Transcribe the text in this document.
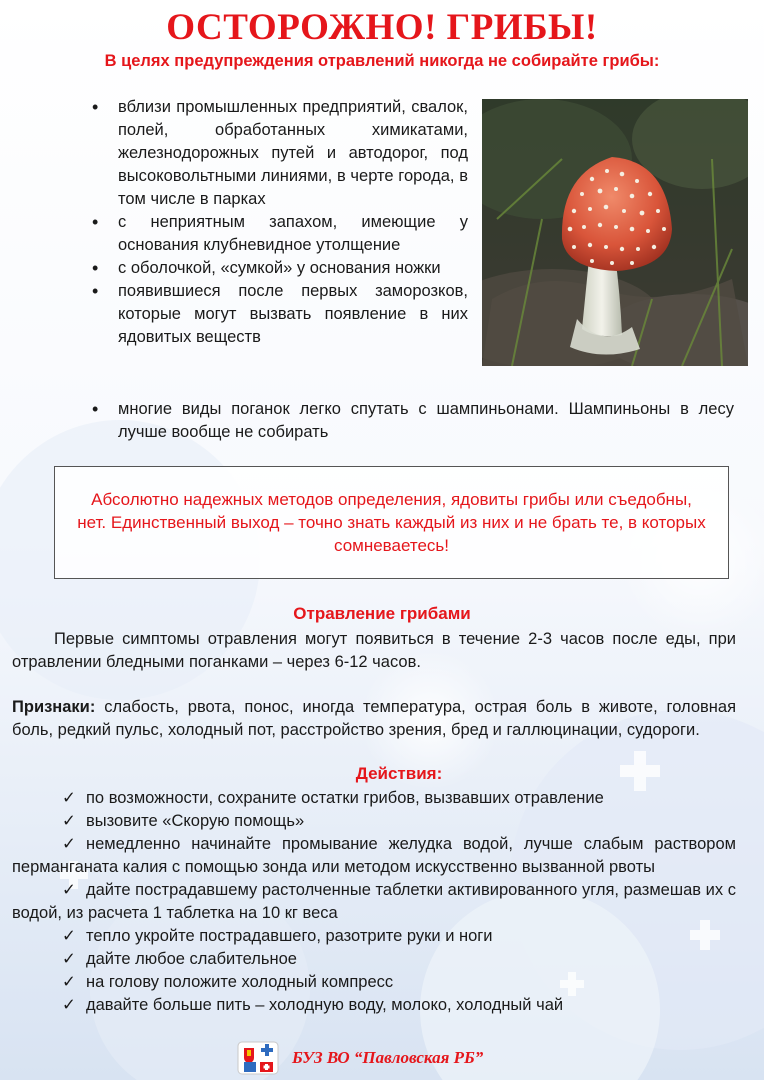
ОСТОРОЖНО! ГРИБЫ!
В целях предупреждения отравлений никогда не собирайте грибы:
• вблизи промышленных предприятий, свалок, полей, обработанных химикатами, железнодорожных путей и автодорог, под высоковольтными линиями, в черте города, в том числе в парках
• с неприятным запахом, имеющие у основания клубневидное утолщение
• с оболочкой, «сумкой» у основания ножки
• появившиеся после первых заморозков, которые могут вызвать появление в них ядовитых веществ
• многие виды поганок легко спутать с шампиньонами. Шампиньоны в лесу лучше вообще не собирать
Абсолютно надежных методов определения, ядовиты грибы или съедобны, нет. Единственный выход – точно знать каждый из них и не брать те, в которых сомневаетесь!
Отравление грибами
Первые симптомы отравления могут появиться в течение 2-3 часов после еды, при отравлении бледными поганками – через 6-12 часов.
Признаки: слабость, рвота, понос, иногда температура, острая боль в животе, головная боль, редкий пульс, холодный пот, расстройство зрения, бред и галлюцинации, судороги.
Действия:
✓ по возможности, сохраните остатки грибов, вызвавших отравление
✓ вызовите «Скорую помощь»
✓ немедленно начинайте промывание желудка водой, лучше слабым раствором перманганата калия с помощью зонда или методом искусственно вызванной рвоты
✓ дайте пострадавшему растолченные таблетки активированного угля, размешав их с водой, из расчета 1 таблетка на 10 кг веса
✓ тепло укройте пострадавшего, разотрите руки и ноги
✓ дайте любое слабительное
✓ на голову положите холодный компресс
✓ давайте больше пить – холодную воду, молоко, холодный чай
БУЗ ВО “Павловская РБ”
